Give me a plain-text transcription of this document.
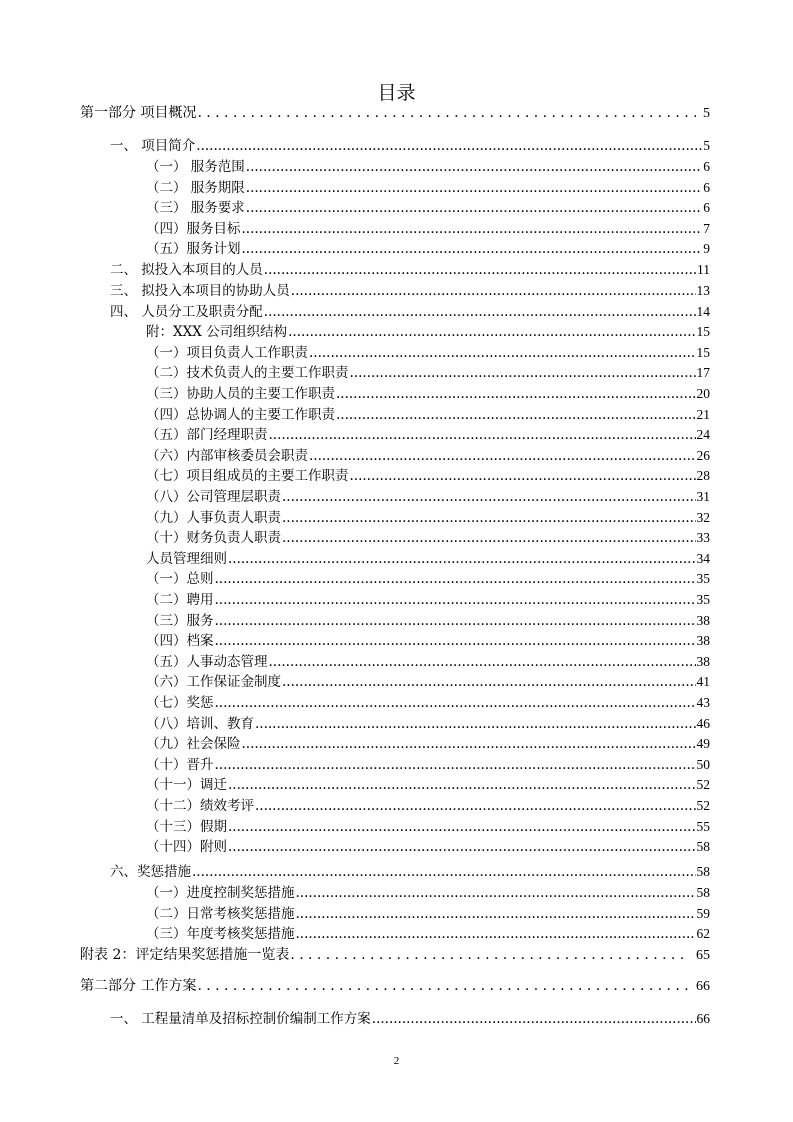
目录
第一部分 项目概况 .....	5
一、 项目简介 .....	5
（一） 服务范围 .....	6
（二） 服务期限 .....	6
（三） 服务要求 .....	6
（四）服务目标 .....	7
（五）服务计划 .....	9
二、 拟投入本项目的人员 .....	11
三、 拟投入本项目的协助人员 .....	13
四、 人员分工及职责分配 .....	14
附：XXX 公司组织结构 .....	15
（一）项目负责人工作职责 .....	15
（二）技术负责人的主要工作职责 .....	17
（三）协助人员的主要工作职责 .....	20
（四）总协调人的主要工作职责 .....	21
（五）部门经理职责 .....	24
（六）内部审核委员会职责 .....	26
（七）项目组成员的主要工作职责 .....	28
（八）公司管理层职责 .....	31
（九）人事负责人职责 .....	32
（十）财务负责人职责 .....	33
人员管理细则 .....	34
（一）总则 .....	35
（二）聘用 .....	35
（三）服务 .....	38
（四）档案 .....	38
（五）人事动态管理 .....	38
（六）工作保证金制度 .....	41
（七）奖惩 .....	43
（八）培训、教育 .....	46
（九）社会保险 .....	49
（十）晋升 .....	50
（十一）调迁 .....	52
（十二）绩效考评 .....	52
（十三）假期 .....	55
（十四）附则 .....	58
六、奖惩措施 .....	58
（一）进度控制奖惩措施 .....	58
（二）日常考核奖惩措施 .....	59
（三）年度考核奖惩措施 .....	62
附表 2：评定结果奖惩措施一览表 .....	65
第二部分 工作方案 .....	66
一、 工程量清单及招标控制价编制工作方案 .....	66
2
